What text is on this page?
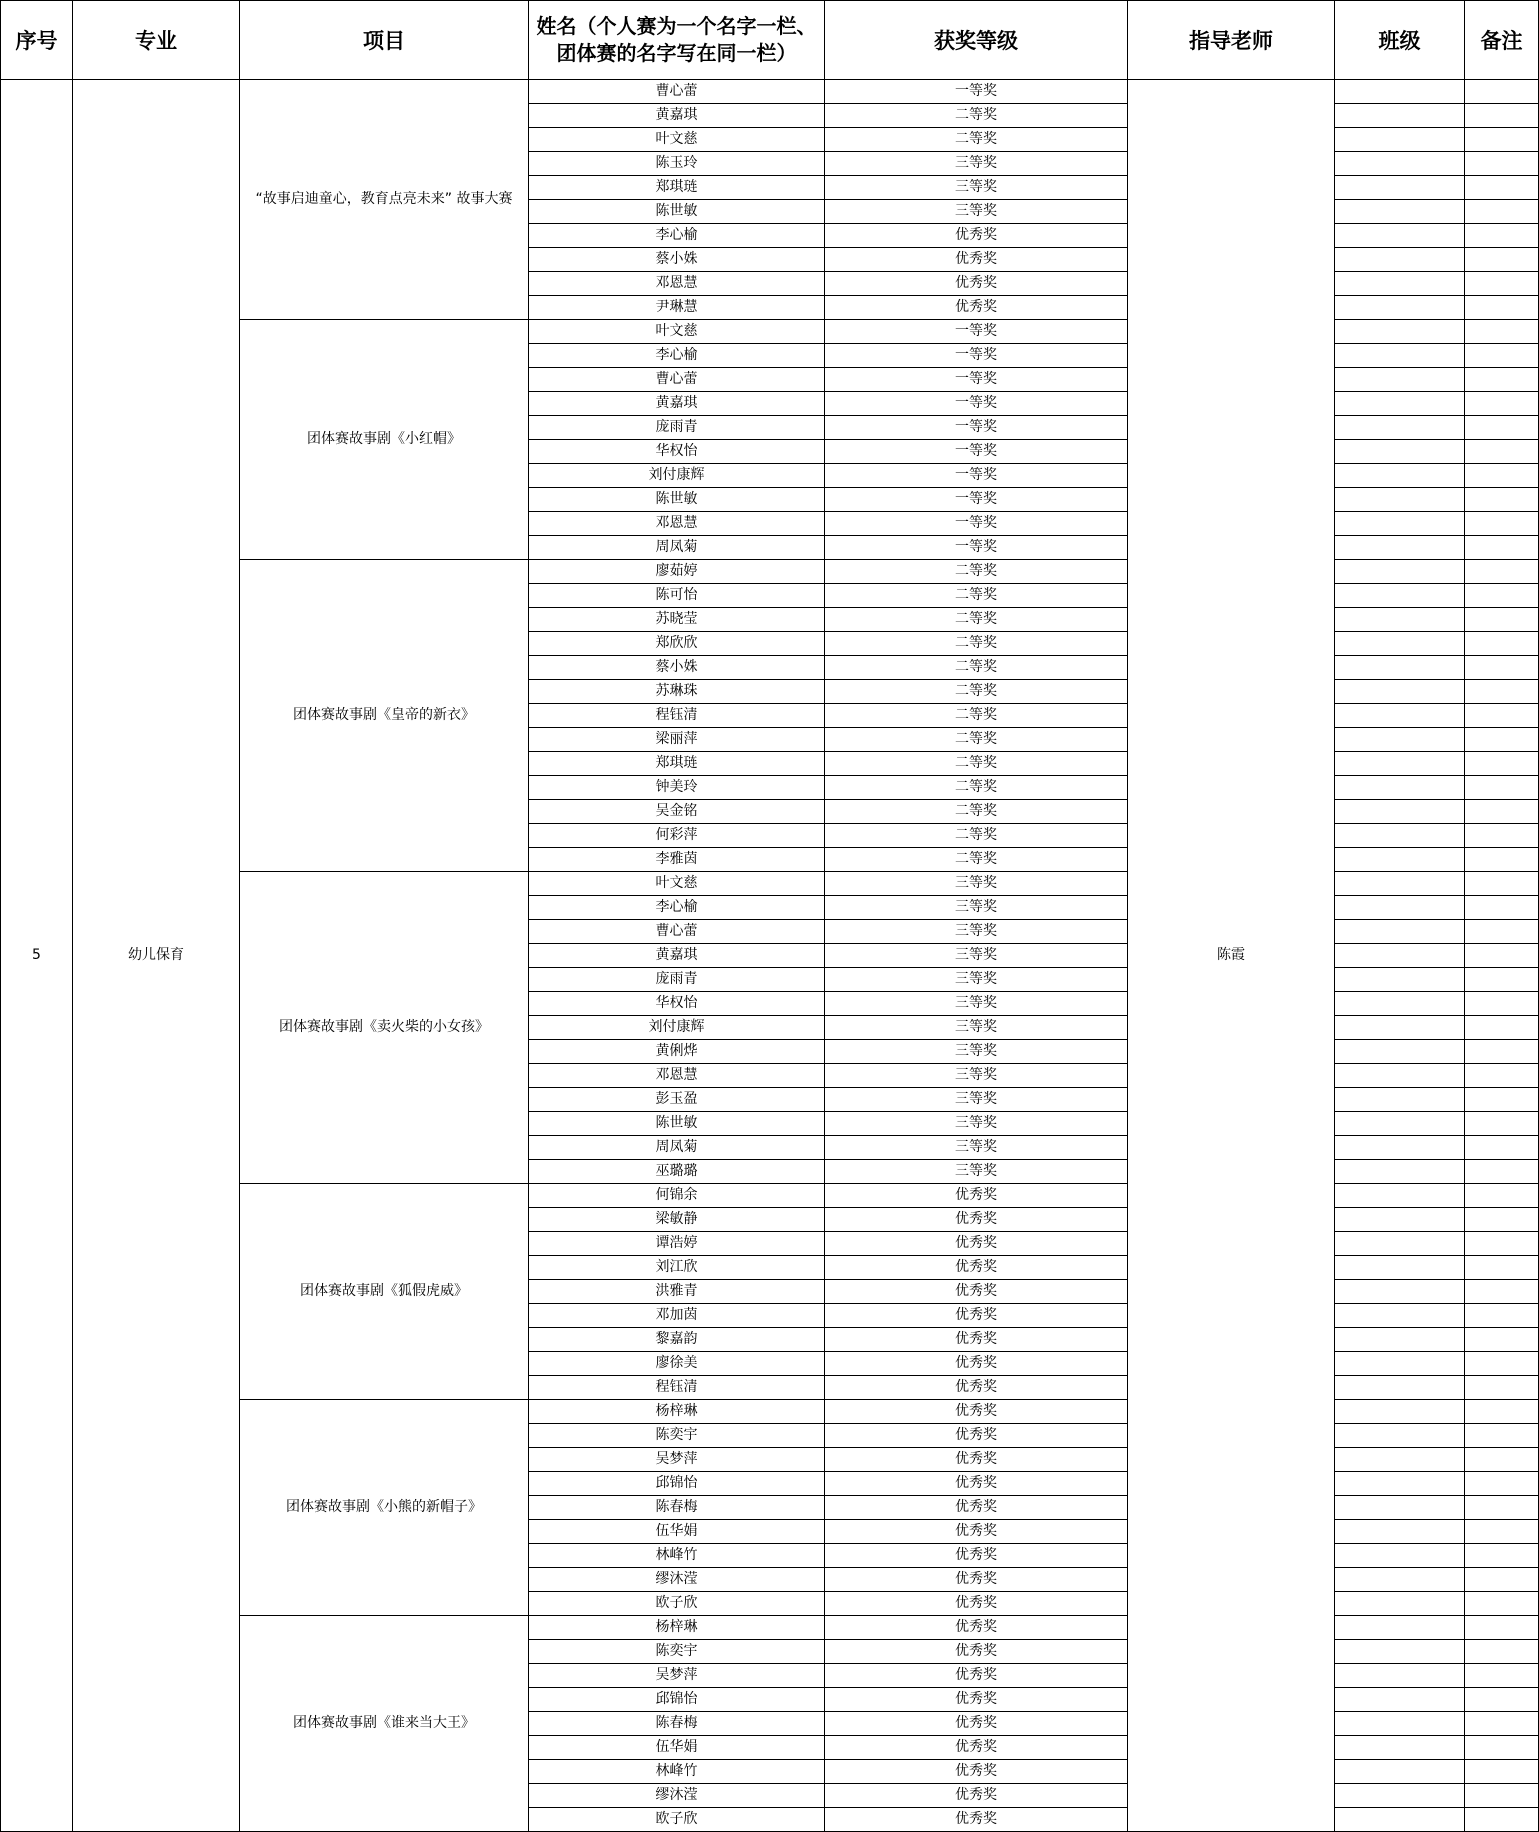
序号	专业	项目	姓名（个人赛为一个名字一栏、团体赛的名字写在同一栏）	获奖等级	指导老师	班级	备注
5	幼儿保育	“故事启迪童心，教育点亮未来” 故事大赛	曹心蕾	一等奖	陈霞		
			黄嘉琪	二等奖			
			叶文慈	二等奖			
			陈玉玲	三等奖			
			郑琪琏	三等奖			
			陈世敏	三等奖			
			李心榆	优秀奖			
			蔡小姝	优秀奖			
			邓恩慧	优秀奖			
			尹琳慧	优秀奖			
		团体赛故事剧《小红帽》	叶文慈	一等奖			
			李心榆	一等奖			
			曹心蕾	一等奖			
			黄嘉琪	一等奖			
			庞雨青	一等奖			
			华权怡	一等奖			
			刘付康辉	一等奖			
			陈世敏	一等奖			
			邓恩慧	一等奖			
			周凤菊	一等奖			
		团体赛故事剧《皇帝的新衣》	廖茹婷	二等奖			
			陈可怡	二等奖			
			苏晓莹	二等奖			
			郑欣欣	二等奖			
			蔡小姝	二等奖			
			苏琳珠	二等奖			
			程钰清	二等奖			
			梁丽萍	二等奖			
			郑琪琏	二等奖			
			钟美玲	二等奖			
			吴金铭	二等奖			
			何彩萍	二等奖			
			李雅茵	二等奖			
		团体赛故事剧《卖火柴的小女孩》	叶文慈	三等奖			
			李心榆	三等奖			
			曹心蕾	三等奖			
			黄嘉琪	三等奖			
			庞雨青	三等奖			
			华权怡	三等奖			
			刘付康辉	三等奖			
			黄俐烨	三等奖			
			邓恩慧	三等奖			
			彭玉盈	三等奖			
			陈世敏	三等奖			
			周凤菊	三等奖			
			巫璐璐	三等奖			
		团体赛故事剧《狐假虎威》	何锦余	优秀奖			
			梁敏静	优秀奖			
			谭浩婷	优秀奖			
			刘江欣	优秀奖			
			洪雅青	优秀奖			
			邓加茵	优秀奖			
			黎嘉韵	优秀奖			
			廖徐美	优秀奖			
			程钰清	优秀奖			
		团体赛故事剧《小熊的新帽子》	杨梓琳	优秀奖			
			陈奕宇	优秀奖			
			吴梦萍	优秀奖			
			邱锦怡	优秀奖			
			陈春梅	优秀奖			
			伍华娟	优秀奖			
			林峰竹	优秀奖			
			缪沐滢	优秀奖			
			欧子欣	优秀奖			
		团体赛故事剧《谁来当大王》	杨梓琳	优秀奖			
			陈奕宇	优秀奖			
			吴梦萍	优秀奖			
			邱锦怡	优秀奖			
			陈春梅	优秀奖			
			伍华娟	优秀奖			
			林峰竹	优秀奖			
			缪沐滢	优秀奖			
			欧子欣	优秀奖			
